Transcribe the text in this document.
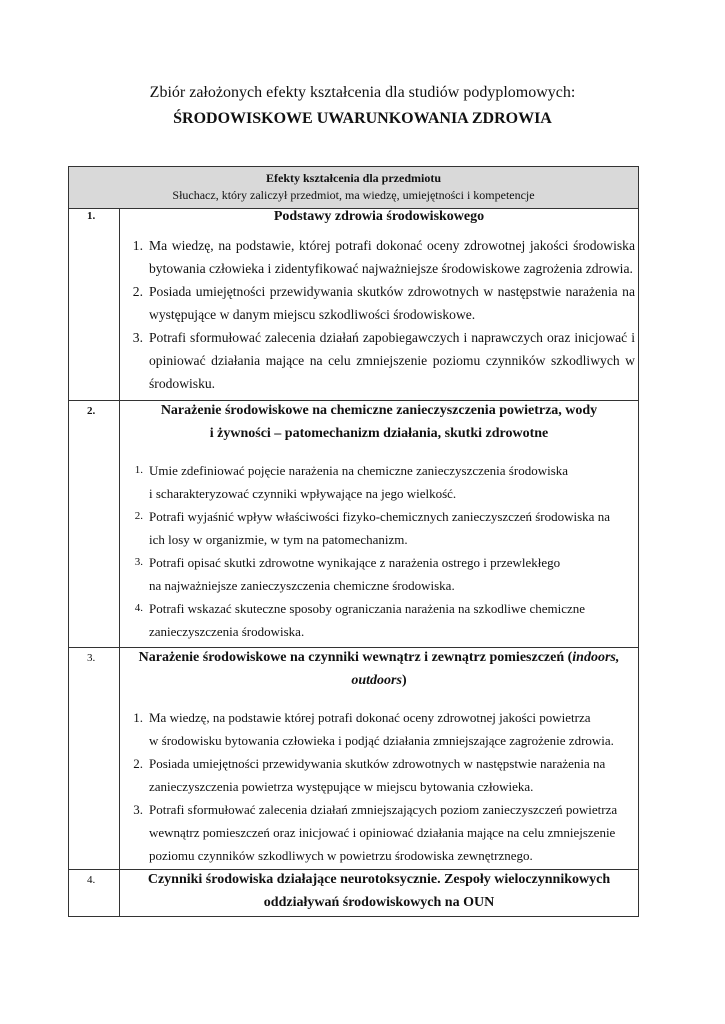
Zbiór założonych efekty kształcenia dla studiów podyplomowych:
ŚRODOWISKOWE UWARUNKOWANIA ZDROWIA
Efekty kształcenia dla przedmiotu
Słuchacz, który zaliczył przedmiot, ma wiedzę, umiejętności i kompetencje
1.	Podstawy zdrowia środowiskowego
1. Ma wiedzę, na podstawie, której potrafi dokonać oceny zdrowotnej jakości środowiska bytowania człowieka i zidentyfikować najważniejsze środowiskowe zagrożenia zdrowia.
2. Posiada umiejętności przewidywania skutków zdrowotnych w następstwie narażenia na występujące w danym miejscu szkodliwości środowiskowe.
3. Potrafi sformułować zalecenia działań zapobiegawczych i naprawczych oraz inicjować i opiniować działania mające na celu zmniejszenie poziomu czynników szkodliwych w środowisku.
2.	Narażenie środowiskowe na chemiczne zanieczyszczenia powietrza, wody
i żywności – patomechanizm działania, skutki zdrowotne
1. Umie zdefiniować pojęcie narażenia na chemiczne zanieczyszczenia środowiska
i scharakteryzować czynniki wpływające na jego wielkość.
2. Potrafi wyjaśnić wpływ właściwości fizyko-chemicznych zanieczyszczeń środowiska na
ich losy w organizmie, w tym na patomechanizm.
3. Potrafi opisać skutki zdrowotne wynikające z narażenia ostrego i przewlekłego
na najważniejsze zanieczyszczenia chemiczne środowiska.
4. Potrafi wskazać skuteczne sposoby ograniczania narażenia na szkodliwe chemiczne
zanieczyszczenia środowiska.
3.	Narażenie środowiskowe na czynniki wewnątrz i zewnątrz pomieszczeń (indoors,
outdoors)
1. Ma wiedzę, na podstawie której potrafi dokonać oceny zdrowotnej jakości powietrza
w środowisku bytowania człowieka i podjąć działania zmniejszające zagrożenie zdrowia.
2. Posiada umiejętności przewidywania skutków zdrowotnych w następstwie narażenia na
zanieczyszczenia powietrza występujące w miejscu bytowania człowieka.
3. Potrafi sformułować zalecenia działań zmniejszających poziom zanieczyszczeń powietrza
wewnątrz pomieszczeń oraz inicjować i opiniować działania mające na celu zmniejszenie
poziomu czynników szkodliwych w powietrzu środowiska zewnętrznego.
4.	Czynniki środowiska działające neurotoksycznie. Zespoły wieloczynnikowych
oddziaływań środowiskowych na OUN
